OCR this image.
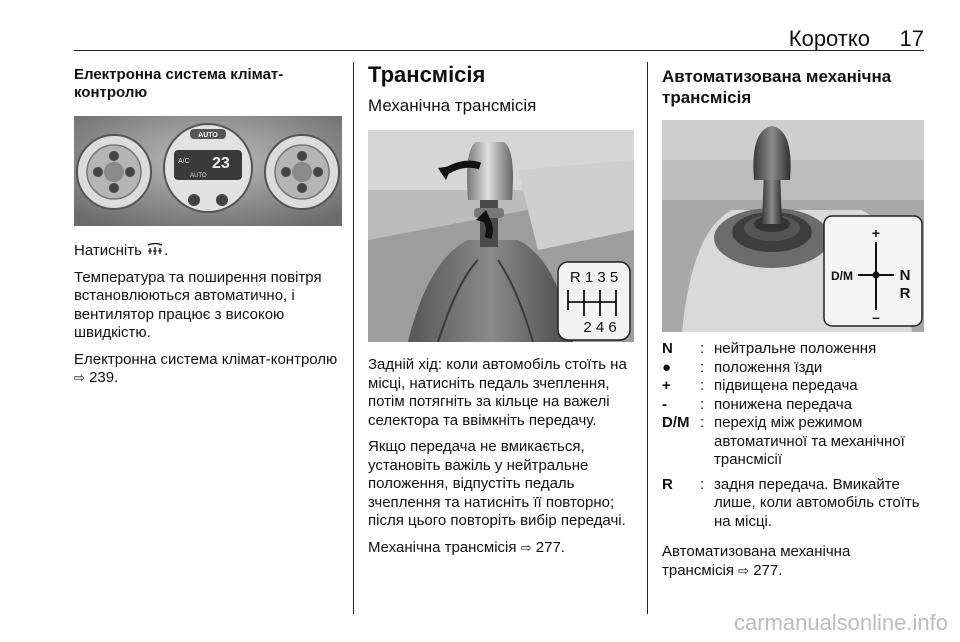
Коротко 17
Електронна система клімат-контролю
AUTO
A/C 23
AUTO

Натисніть .

Температура та поширення повітря встановлюються автоматично, і вентилятор працює з високою швидкістю.

Електронна система клімат-контролю ⇨ 239.

Трансмісія
Механічна трансмісія
R 1 3 5
2 4 6

Задній хід: коли автомобіль стоїть на місці, натисніть педаль зчеплення, потім потягніть за кільце на важелі селектора та ввімкніть передачу.

Якщо передача не вмикається, установіть важіль у нейтральне положення, відпустіть педаль зчеплення та натисніть її повторно; після цього повторіть вибір передачі.

Механічна трансмісія ⇨ 277.

Автоматизована механічна трансмісія
+
–
D/M	N
R
N	: нейтральне положення
●	: положення їзди
+	: підвищена передача
-	: понижена передача
D/M : перехід між режимом автоматичної та механічної трансмісії
R	: задня передача. Вмикайте лише, коли автомобіль стоїть на місці.

Автоматизована механічна трансмісія ⇨ 277.

carmanualsonline.info
